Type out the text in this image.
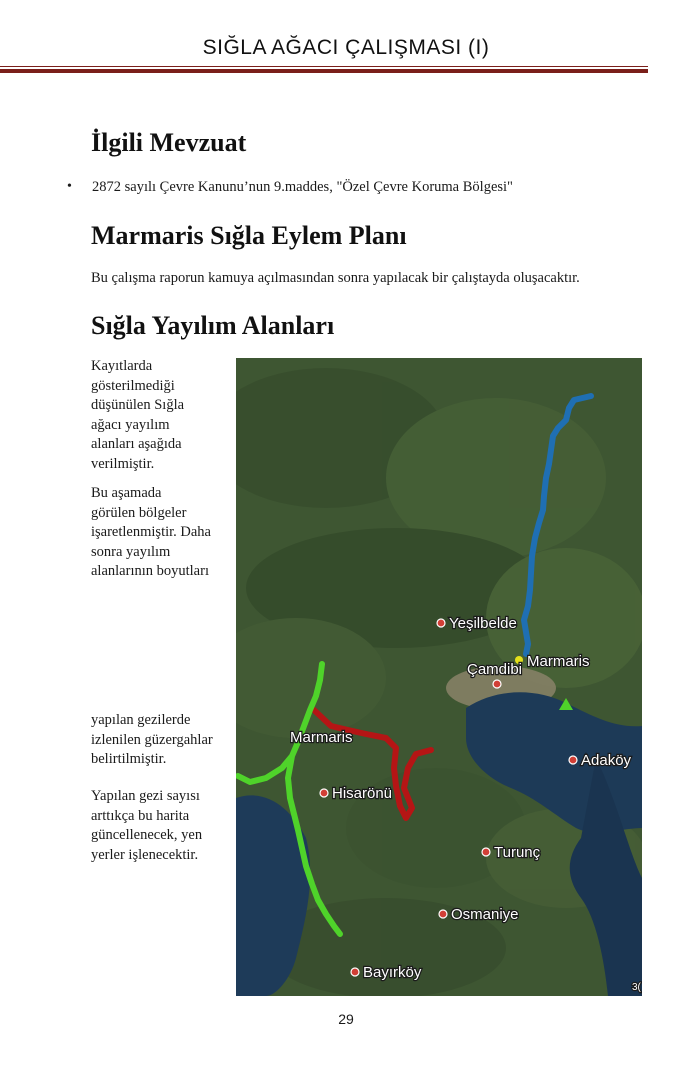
SIĞLA AĞACI ÇALIŞMASI (I)
İlgili Mevzuat
• 2872 sayılı Çevre Kanunu’nun 9.maddes, "Özel Çevre Koruma Bölgesi"
Marmaris Sığla Eylem Planı

Bu çalışma raporun kamuya açılmasından sonra yapılacak bir çalıştayda oluşacaktır.

Sığla Yayılım Alanları
Kayıtlarda
gösterilmediği
düşünülen Sığla
ağacı yayılım
alanları aşağıda
verilmiştir.
Bu aşamada
görülen bölgeler
işaretlenmiştir. Daha
sonra yayılım
alanlarının boyutları
yapılan gezilerde
izlenilen güzergahlar
belirtilmiştir.
Yapılan gezi sayısı
arttıkça bu harita
güncellenecek, yen
yerler işlenecektir.
Yeşilbelde
Marmaris
Çamdibi
Marmaris
Adaköy
Hisarönü
Turunç
Osmaniye
Bayırköy
3(
29
